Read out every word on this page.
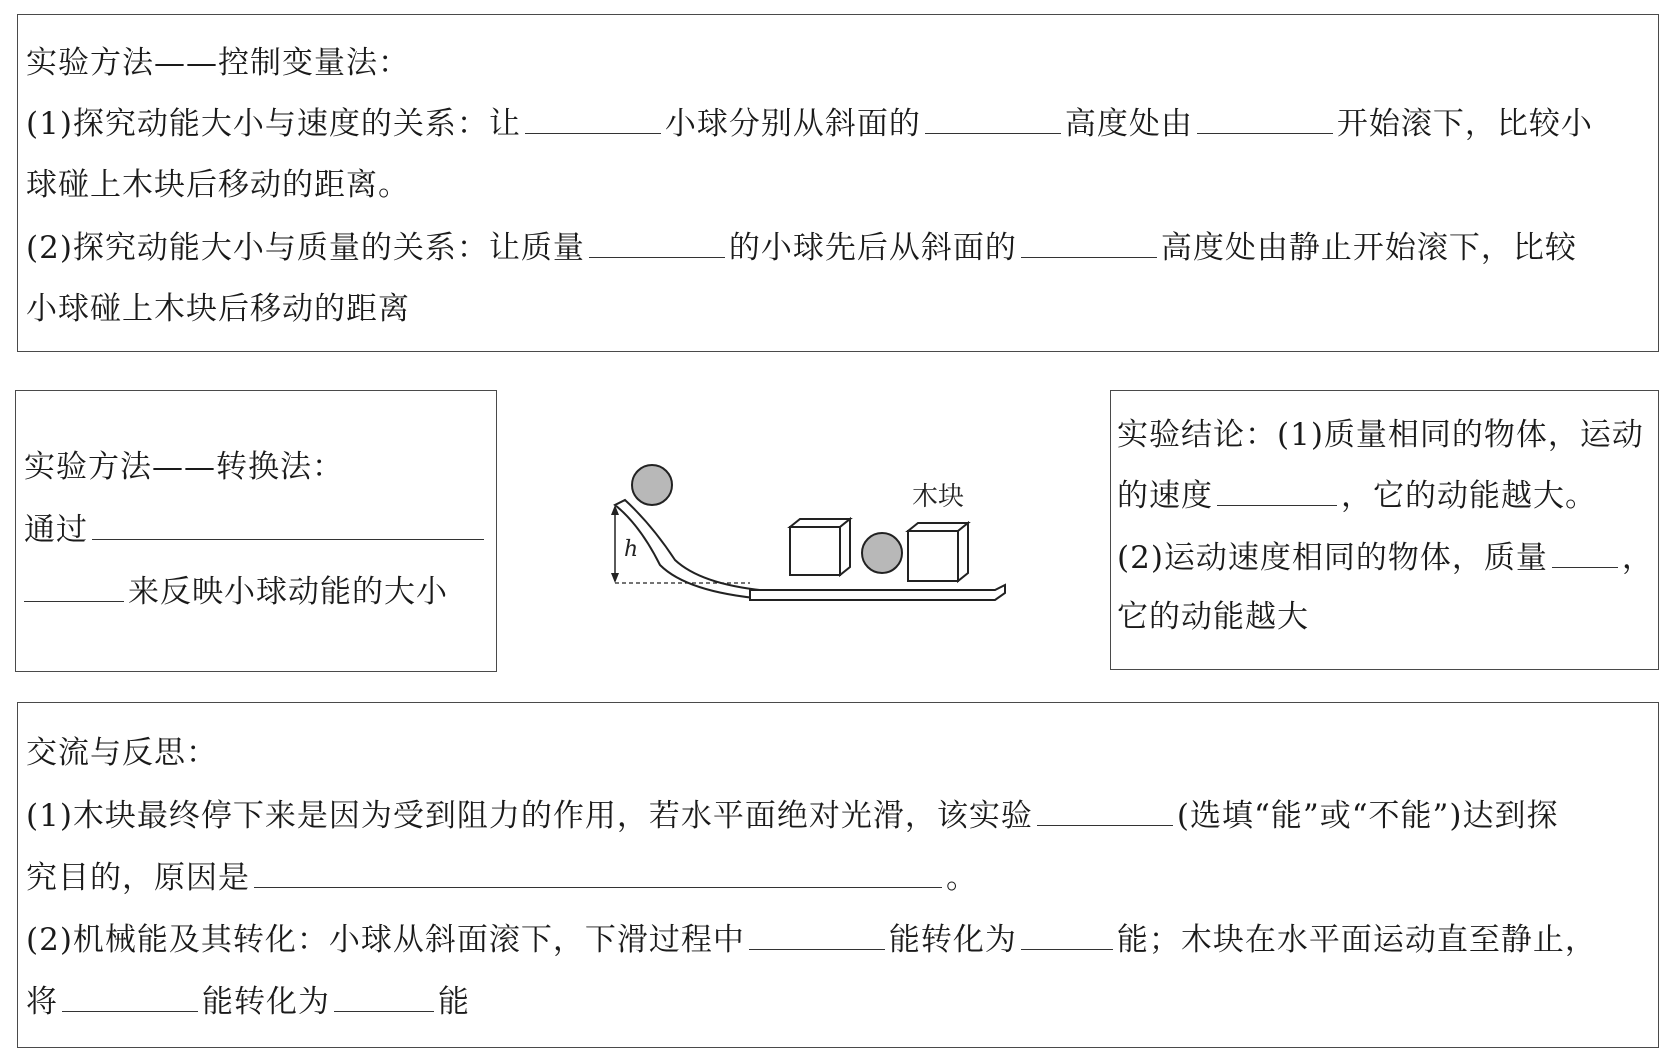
实验方法——控制变量法：
(1)探究动能大小与速度的关系：让	小球分别从斜面的	高度处由	开始滚下，比较小
球碰上木块后移动的距离。
(2)探究动能大小与质量的关系：让质量	的小球先后从斜面的	高度处由静止开始滚下，比较
小球碰上木块后移动的距离
实验方法——转换法：
通过
来反映小球动能的大小
h
木块
实验结论：(1)质量相同的物体，运动
的速度	，它的动能越大。
(2)运动速度相同的物体，质量 ，
它的动能越大
交流与反思：
(1)木块最终停下来是因为受到阻力的作用，若水平面绝对光滑，该实验	(选填“能”或“不能”)达到探
究目的，原因是	。
(2)机械能及其转化：小球从斜面滚下，下滑过程中	能转化为	能；木块在水平面运动直至静止，
将	能转化为	能
